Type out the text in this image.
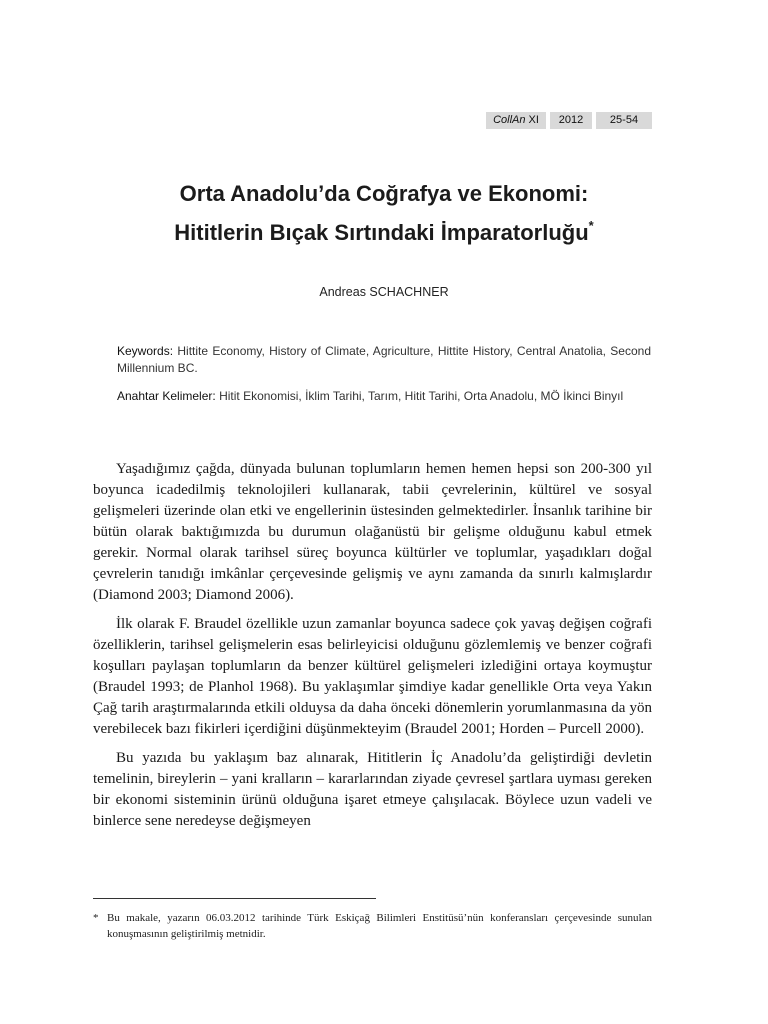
CollAn XI	2012	25-54
Orta Anadolu’da Coğrafya ve Ekonomi:
Hititlerin Bıçak Sırtındaki İmparatorluğu*
Andreas SCHACHNER
Keywords: Hittite Economy, History of Climate, Agriculture, Hittite History, Central Anatolia, Second Millennium BC.
Anahtar Kelimeler: Hitit Ekonomisi, İklim Tarihi, Tarım, Hitit Tarihi, Orta Anadolu, MÖ İkinci Binyıl

Yaşadığımız çağda, dünyada bulunan toplumların hemen hemen hepsi son 200-300 yıl boyunca icadedilmiş teknolojileri kullanarak, tabii çevrelerinin, kültürel ve sosyal gelişmeleri üzerinde olan etki ve engellerinin üstesinden gelmektedirler. İnsanlık tarihine bir bütün olarak baktığımızda bu durumun olağanüstü bir gelişme olduğunu kabul etmek gerekir. Normal olarak tarihsel süreç boyunca kültürler ve toplumlar, yaşadıkları doğal çevrelerin tanıdığı imkânlar çerçevesinde gelişmiş ve aynı zamanda da sınırlı kalmışlardır (Diamond 2003; Diamond 2006).

İlk olarak F. Braudel özellikle uzun zamanlar boyunca sadece çok yavaş değişen coğrafi özelliklerin, tarihsel gelişmelerin esas belirleyicisi olduğunu gözlemlemiş ve benzer coğrafi koşulları paylaşan toplumların da benzer kültürel gelişmeleri izlediğini ortaya koymuştur (Braudel 1993; de Planhol 1968). Bu yaklaşımlar şimdiye kadar genellikle Orta veya Yakın Çağ tarih araştırmalarında etkili olduysa da daha önceki dönemlerin yorumlanmasına da yön verebilecek bazı fikirleri içerdiğini düşünmekteyim (Braudel 2001; Horden – Purcell 2000).

Bu yazıda bu yaklaşım baz alınarak, Hititlerin İç Anadolu’da geliştirdiği devletin temelinin, bireylerin – yani kralların – kararlarından ziyade çevresel şartlara uyması gereken bir ekonomi sisteminin ürünü olduğuna işaret etmeye çalışılacak. Böylece uzun vadeli ve binlerce sene neredeyse değişmeyen

* Bu makale, yazarın 06.03.2012 tarihinde Türk Eskiçağ Bilimleri Enstitüsü’nün konferansları çerçevesinde sunulan konuşmasının geliştirilmiş metnidir.
